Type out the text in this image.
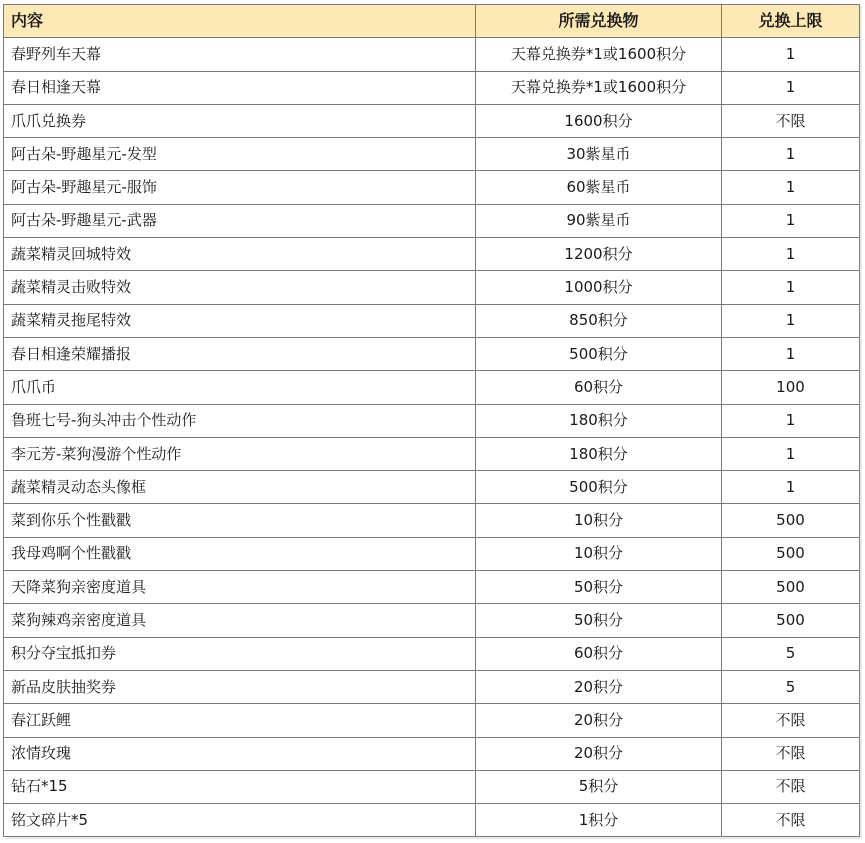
内容	所需兑换物	兑换上限
春野列车天幕	天幕兑换券*1或1600积分	1
春日相逢天幕	天幕兑换券*1或1600积分	1
爪爪兑换券	1600积分	不限
阿古朵-野趣星元-发型	30紫星币	1
阿古朵-野趣星元-服饰	60紫星币	1
阿古朵-野趣星元-武器	90紫星币	1
蔬菜精灵回城特效	1200积分	1
蔬菜精灵击败特效	1000积分	1
蔬菜精灵拖尾特效	850积分	1
春日相逢荣耀播报	500积分	1
爪爪币	60积分	100
鲁班七号-狗头冲击个性动作	180积分	1
李元芳-菜狗漫游个性动作	180积分	1
蔬菜精灵动态头像框	500积分	1
菜到你乐个性戳戳	10积分	500
我母鸡啊个性戳戳	10积分	500
天降菜狗亲密度道具	50积分	500
菜狗辣鸡亲密度道具	50积分	500
积分夺宝抵扣券	60积分	5
新品皮肤抽奖券	20积分	5
春江跃鲤	20积分	不限
浓情玫瑰	20积分	不限
钻石*15	5积分	不限
铭文碎片*5	1积分	不限
